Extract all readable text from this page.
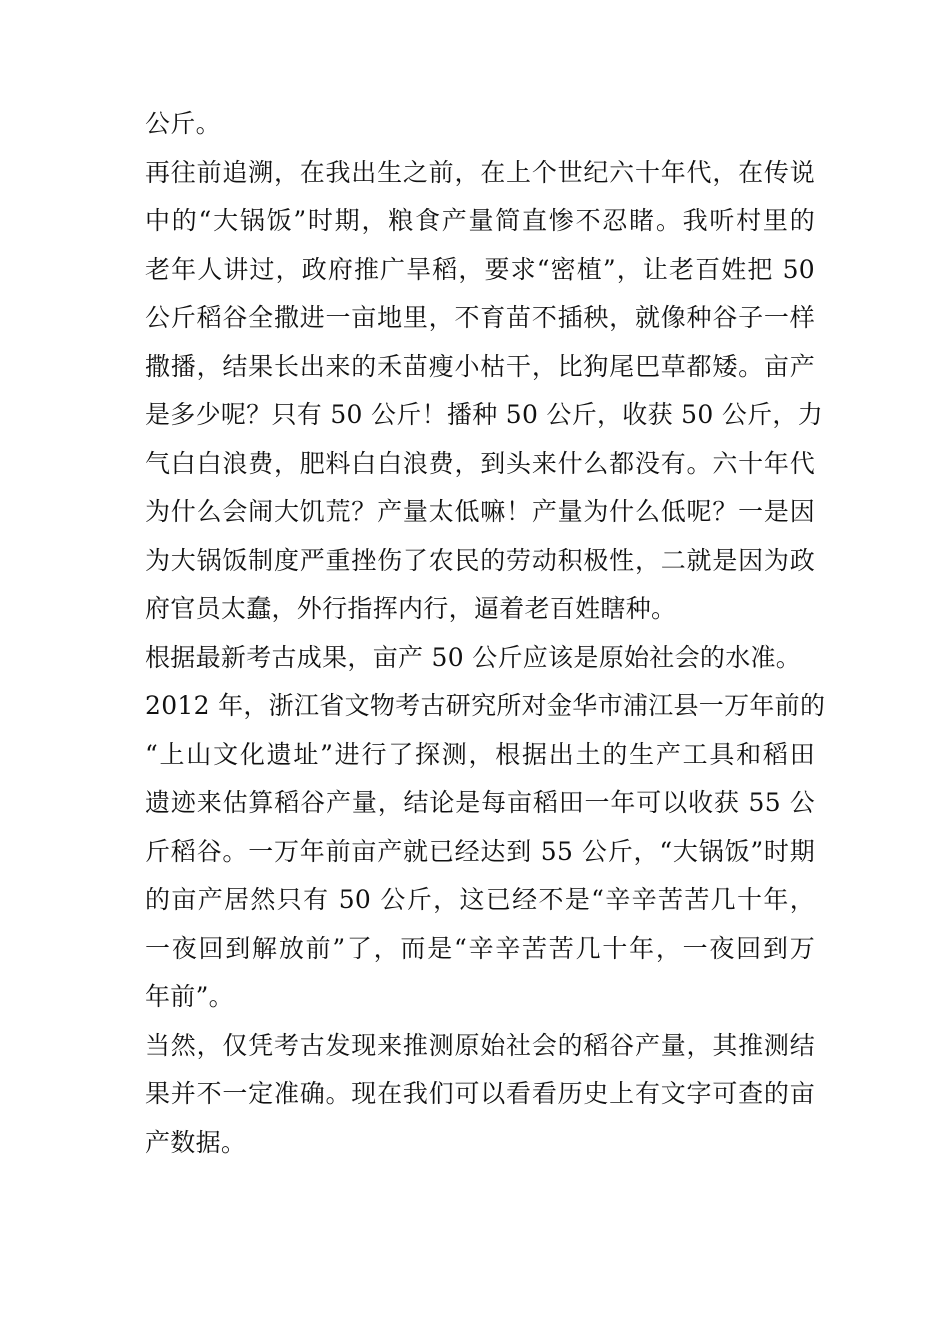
公斤。
再往前追溯，在我出生之前，在上个世纪六十年代，在传说
中的“大锅饭”时期，粮食产量简直惨不忍睹。我听村里的
老年人讲过，政府推广旱稻，要求“密植”，让老百姓把 50
公斤稻谷全撒进一亩地里，不育苗不插秧，就像种谷子一样
撒播，结果长出来的禾苗瘦小枯干，比狗尾巴草都矮。亩产
是多少呢？只有 50 公斤！播种 50 公斤，收获 50 公斤，力
气白白浪费，肥料白白浪费，到头来什么都没有。六十年代
为什么会闹大饥荒？产量太低嘛！产量为什么低呢？一是因
为大锅饭制度严重挫伤了农民的劳动积极性，二就是因为政
府官员太蠢，外行指挥内行，逼着老百姓瞎种。
根据最新考古成果，亩产 50 公斤应该是原始社会的水准。
2012 年，浙江省文物考古研究所对金华市浦江县一万年前的
“上山文化遗址”进行了探测，根据出土的生产工具和稻田
遗迹来估算稻谷产量，结论是每亩稻田一年可以收获 55 公
斤稻谷。一万年前亩产就已经达到 55 公斤，“大锅饭”时期
的亩产居然只有 50 公斤，这已经不是“辛辛苦苦几十年，
一夜回到解放前”了，而是“辛辛苦苦几十年，一夜回到万
年前”。
当然，仅凭考古发现来推测原始社会的稻谷产量，其推测结
果并不一定准确。现在我们可以看看历史上有文字可查的亩
产数据。
